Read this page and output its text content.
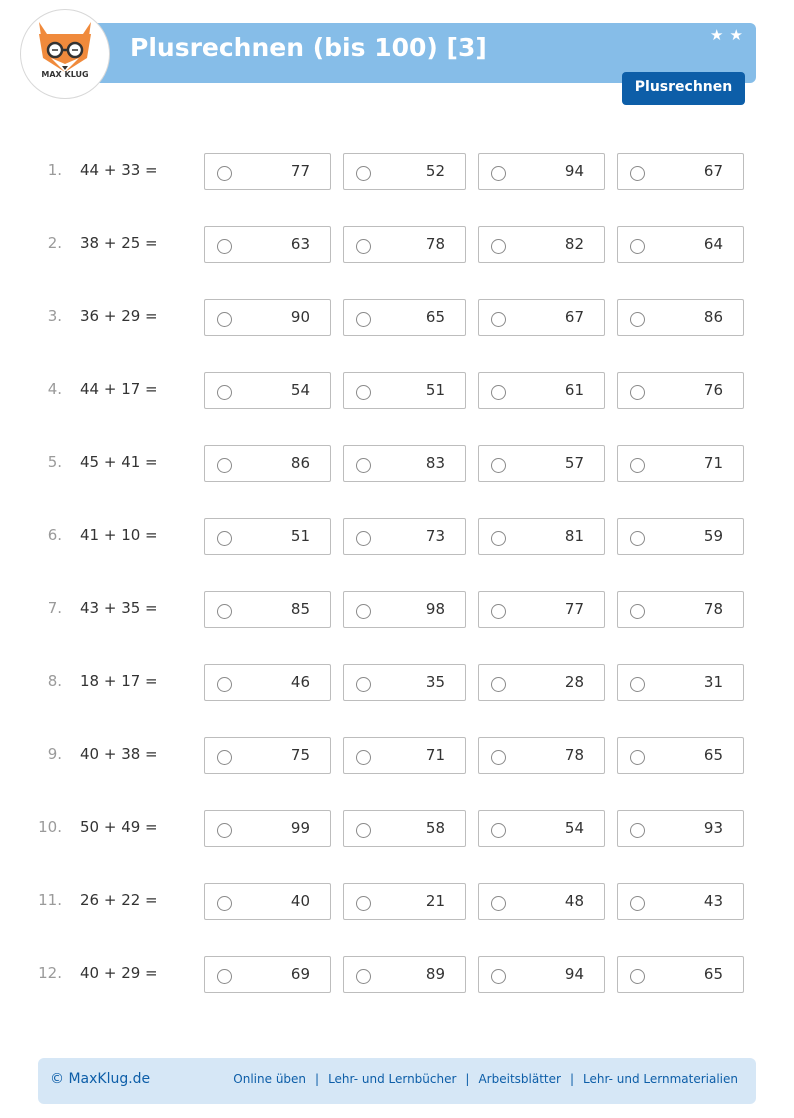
MAX KLUG
Plusrechnen (bis 100) [3]	★★
Plusrechnen
1. 44 + 33 =	77	52	94	67
2. 38 + 25 =	63	78	82	64
3. 36 + 29 =	90	65	67	86
4. 44 + 17 =	54	51	61	76
5. 45 + 41 =	86	83	57	71
6. 41 + 10 =	51	73	81	59
7. 43 + 35 =	85	98	77	78
8. 18 + 17 =	46	35	28	31
9. 40 + 38 =	75	71	78	65
10. 50 + 49 =	99	58	54	93
11. 26 + 22 =	40	21	48	43
12. 40 + 29 =	69	89	94	65
© MaxKlug.de	Online üben | Lehr- und Lernbücher | Arbeitsblätter | Lehr- und Lernmaterialien
